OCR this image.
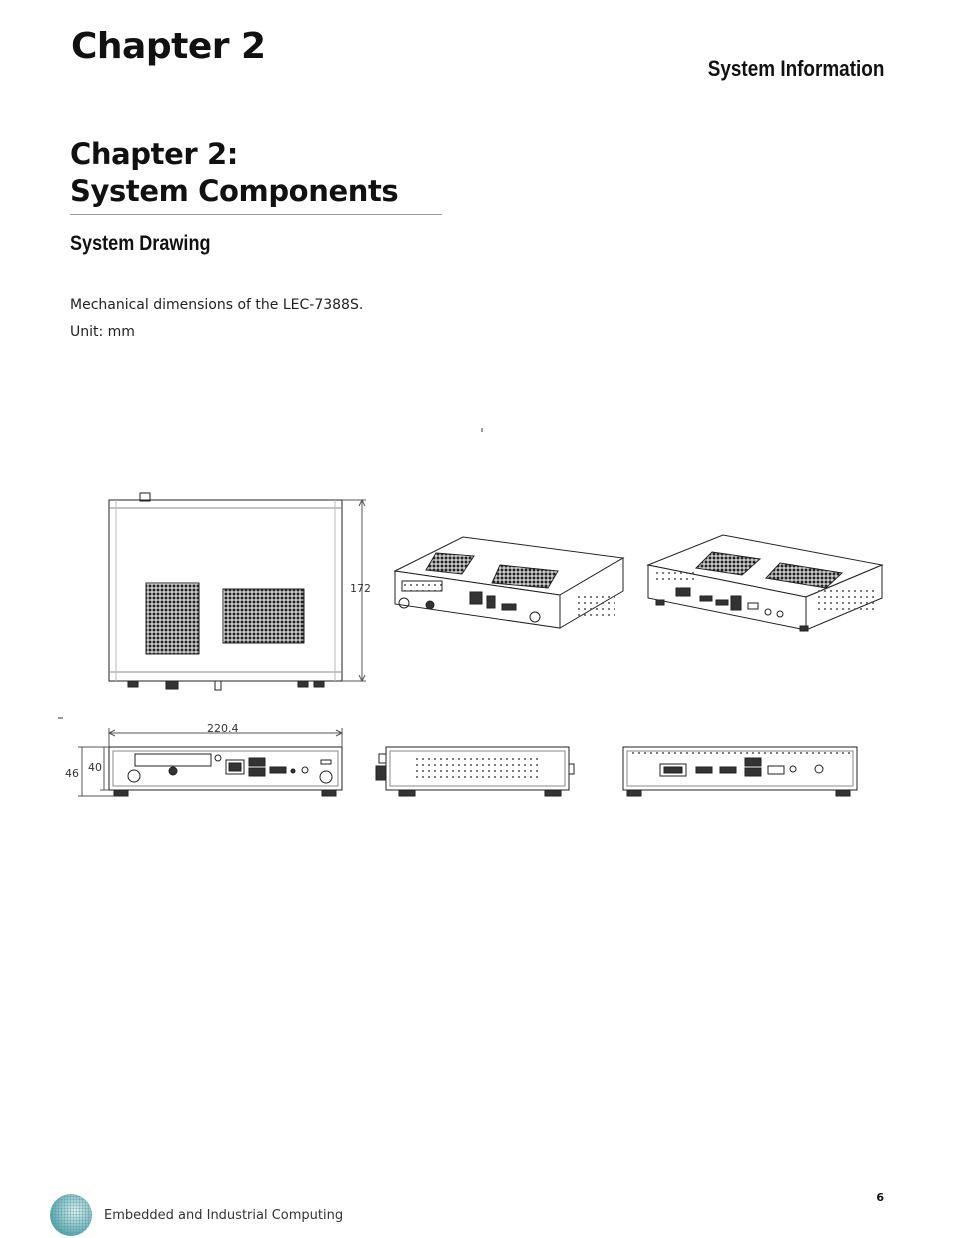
Chapter 2
System Information
Chapter 2:
System Components
System Drawing

Mechanical dimensions of the LEC-7388S.

Unit: mm

172
220.4
46 40
Embedded and Industrial Computing
6
